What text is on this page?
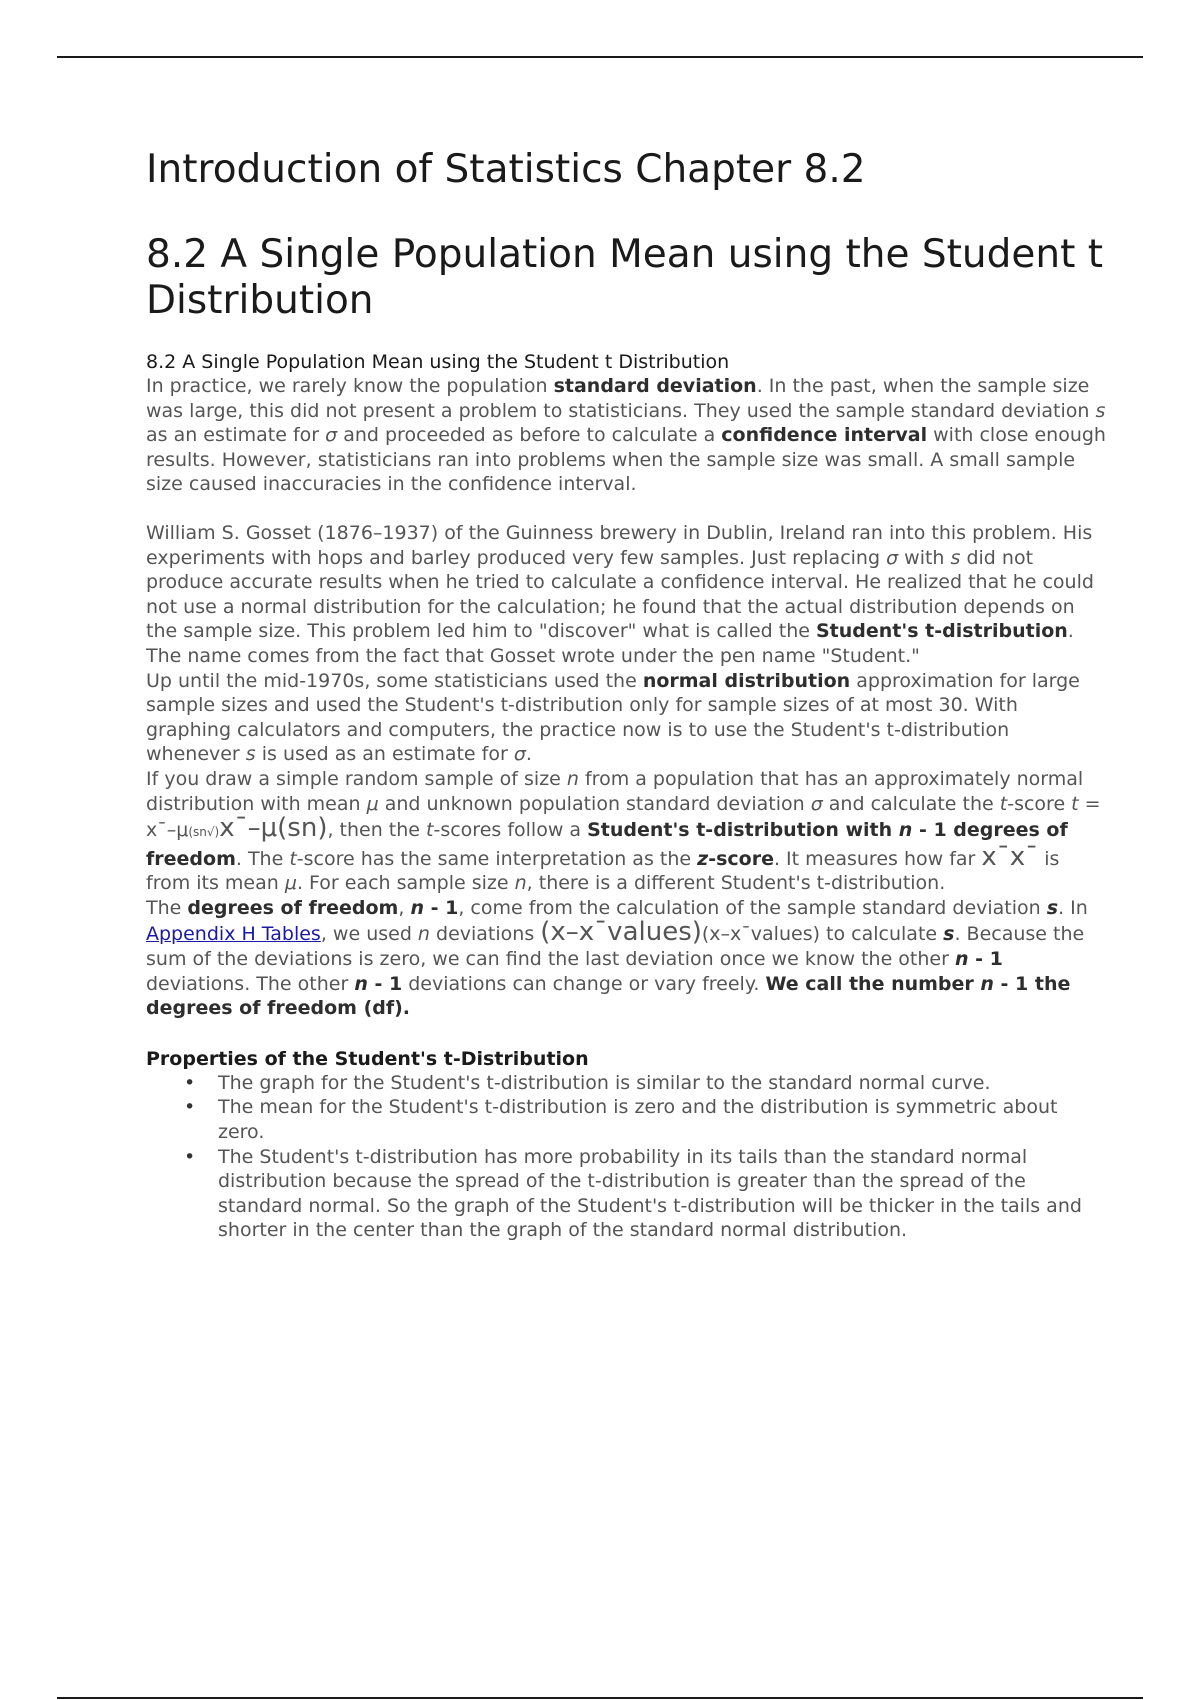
Introduction of Statistics Chapter 8.2
8.2 A Single Population Mean using the Student t Distribution
8.2 A Single Population Mean using the Student t Distribution

In practice, we rarely know the population standard deviation. In the past, when the sample size was large, this did not present a problem to statisticians. They used the sample standard deviation s as an estimate for σ and proceeded as before to calculate a confidence interval with close enough results. However, statisticians ran into problems when the sample size was small. A small sample size caused inaccuracies in the confidence interval.

William S. Gosset (1876–1937) of the Guinness brewery in Dublin, Ireland ran into this problem. His experiments with hops and barley produced very few samples. Just replacing σ with s did not produce accurate results when he tried to calculate a confidence interval. He realized that he could not use a normal distribution for the calculation; he found that the actual distribution depends on the sample size. This problem led him to "discover" what is called the Student's t-distribution. The name comes from the fact that Gosset wrote under the pen name "Student."

Up until the mid-1970s, some statisticians used the normal distribution approximation for large sample sizes and used the Student's t-distribution only for sample sizes of at most 30. With graphing calculators and computers, the practice now is to use the Student's t-distribution whenever s is used as an estimate for σ.

If you draw a simple random sample of size n from a population that has an approximately normal distribution with mean μ and unknown population standard deviation σ and calculate the t-score t = x¯–μ(sn√)x¯–μ(sn), then the t-scores follow a Student's t-distribution with n - 1 degrees of freedom. The t-score has the same interpretation as the z-score. It measures how far x¯x¯ is from its mean μ. For each sample size n, there is a different Student's t-distribution.

The degrees of freedom, n - 1, come from the calculation of the sample standard deviation s. In Appendix H Tables, we used n deviations (x–x¯values)(x–x¯values) to calculate s. Because the sum of the deviations is zero, we can find the last deviation once we know the other n - 1 deviations. The other n - 1 deviations can change or vary freely. We call the number n - 1 the degrees of freedom (df).

Properties of the Student's t-Distribution
• The graph for the Student's t-distribution is similar to the standard normal curve.
• The mean for the Student's t-distribution is zero and the distribution is symmetric about zero.
• The Student's t-distribution has more probability in its tails than the standard normal distribution because the spread of the t-distribution is greater than the spread of the standard normal. So the graph of the Student's t-distribution will be thicker in the tails and shorter in the center than the graph of the standard normal distribution.
